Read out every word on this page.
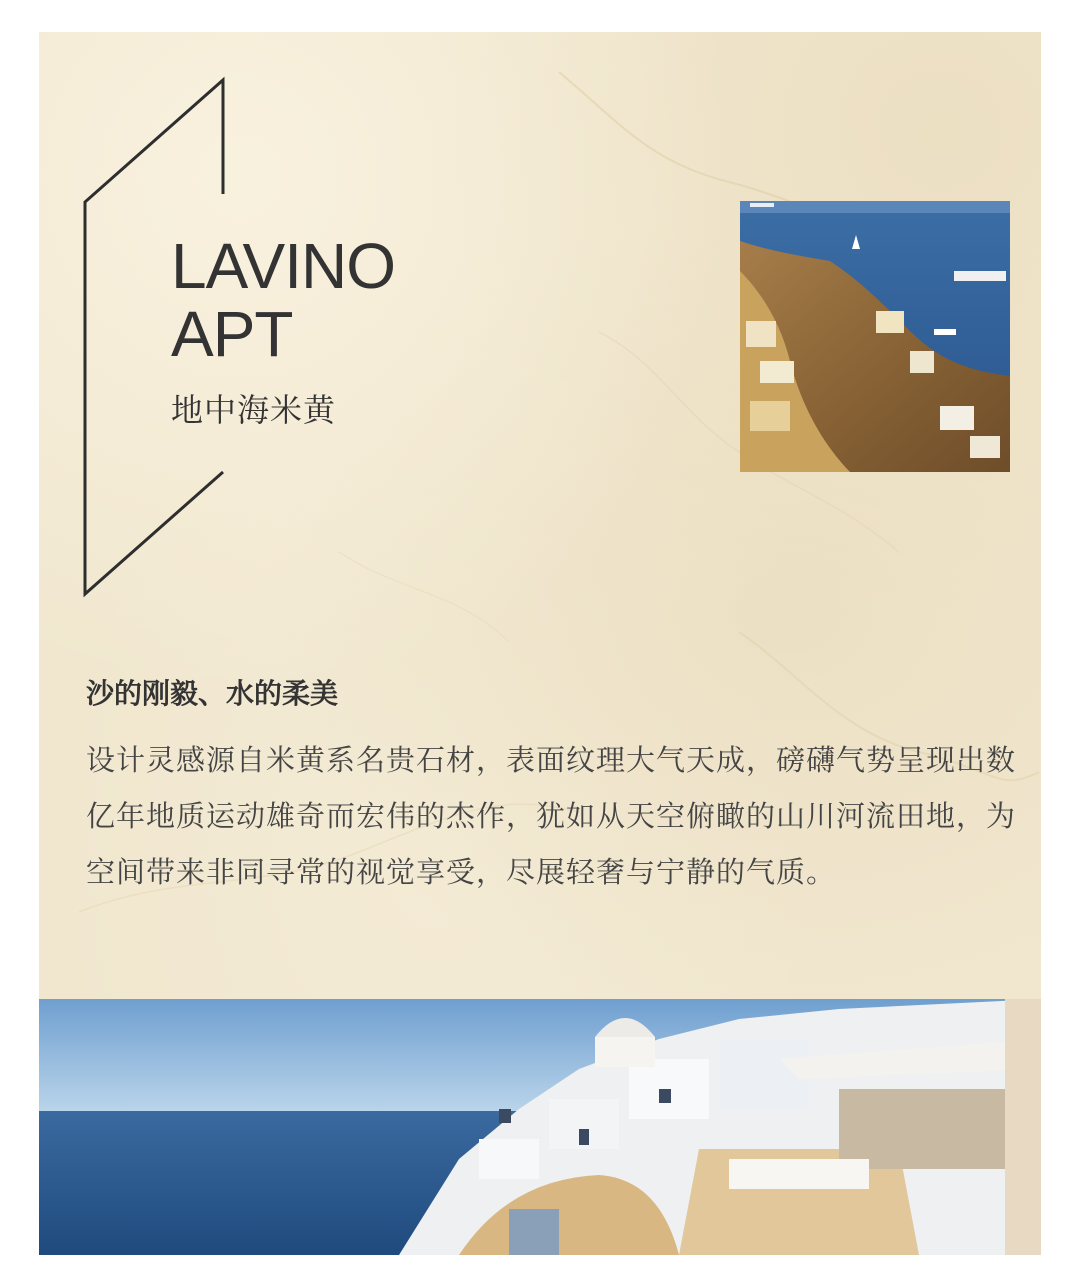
LAVINO
APT
地中海米黄
沙的刚毅、水的柔美

设计灵感源自米黄系名贵石材，表面纹理大气天成，磅礴气势呈现出数亿年地质运动雄奇而宏伟的杰作，犹如从天空俯瞰的山川河流田地，为空间带来非同寻常的视觉享受，尽展轻奢与宁静的气质。
